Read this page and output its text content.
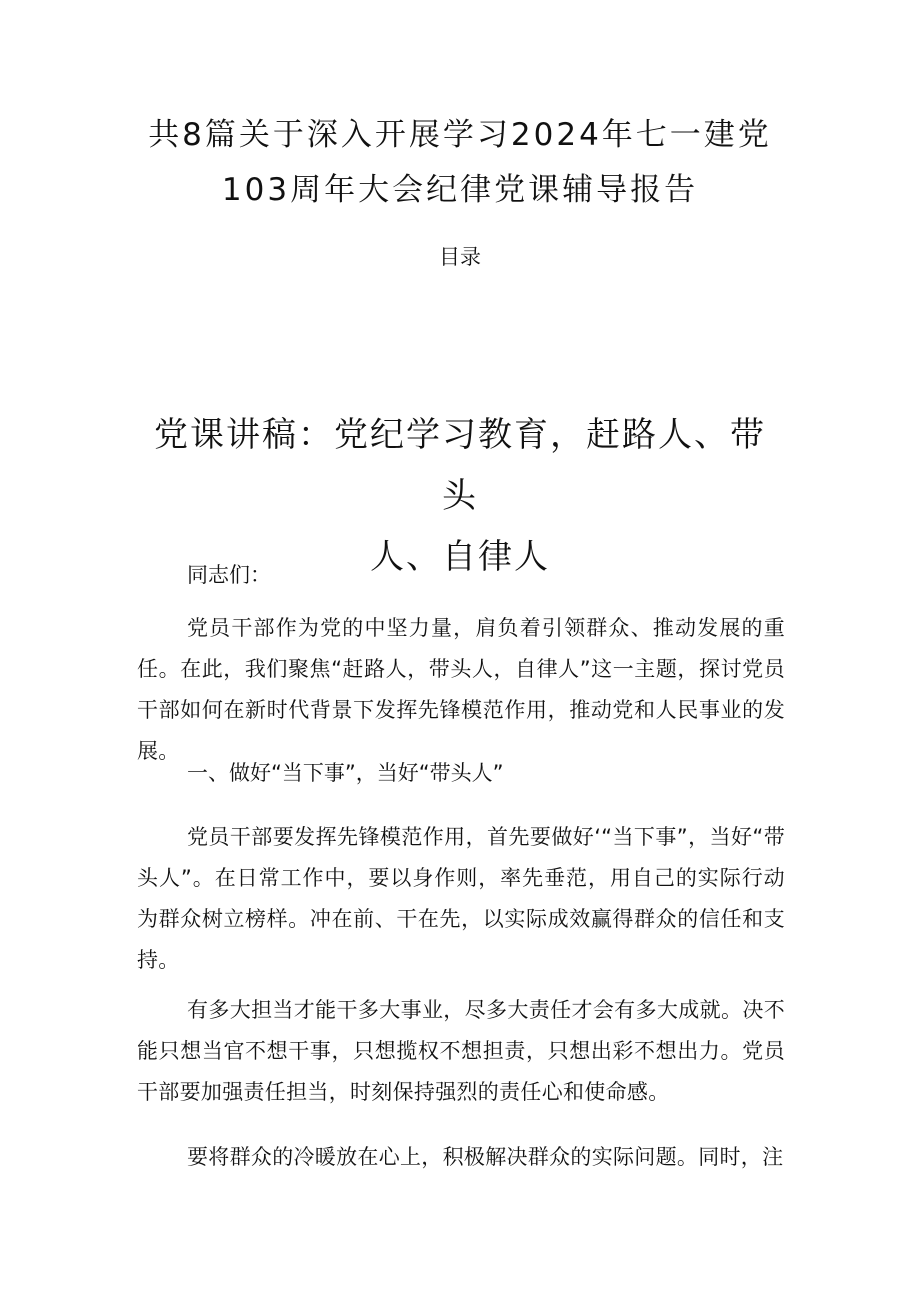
共8篇关于深入开展学习2024年七一建党
103周年大会纪律党课辅导报告

目录

党课讲稿：党纪学习教育，赶路人、带头
人、自律人

同志们：

党员干部作为党的中坚力量，肩负着引领群众、推动发展的重任。在此，我们聚焦“赶路人，带头人，自律人”这一主题，探讨党员干部如何在新时代背景下发挥先锋模范作用，推动党和人民事业的发展。

一、做好“当下事”，当好“带头人”

党员干部要发挥先锋模范作用，首先要做好‘“当下事”，当好“带头人”。在日常工作中，要以身作则，率先垂范，用自己的实际行动为群众树立榜样。冲在前、干在先，以实际成效赢得群众的信任和支持。

有多大担当才能干多大事业，尽多大责任才会有多大成就。决不能只想当官不想干事，只想揽权不想担责，只想出彩不想出力。党员干部要加强责任担当，时刻保持强烈的责任心和使命感。

要将群众的冷暖放在心上，积极解决群众的实际问题。同时，注
